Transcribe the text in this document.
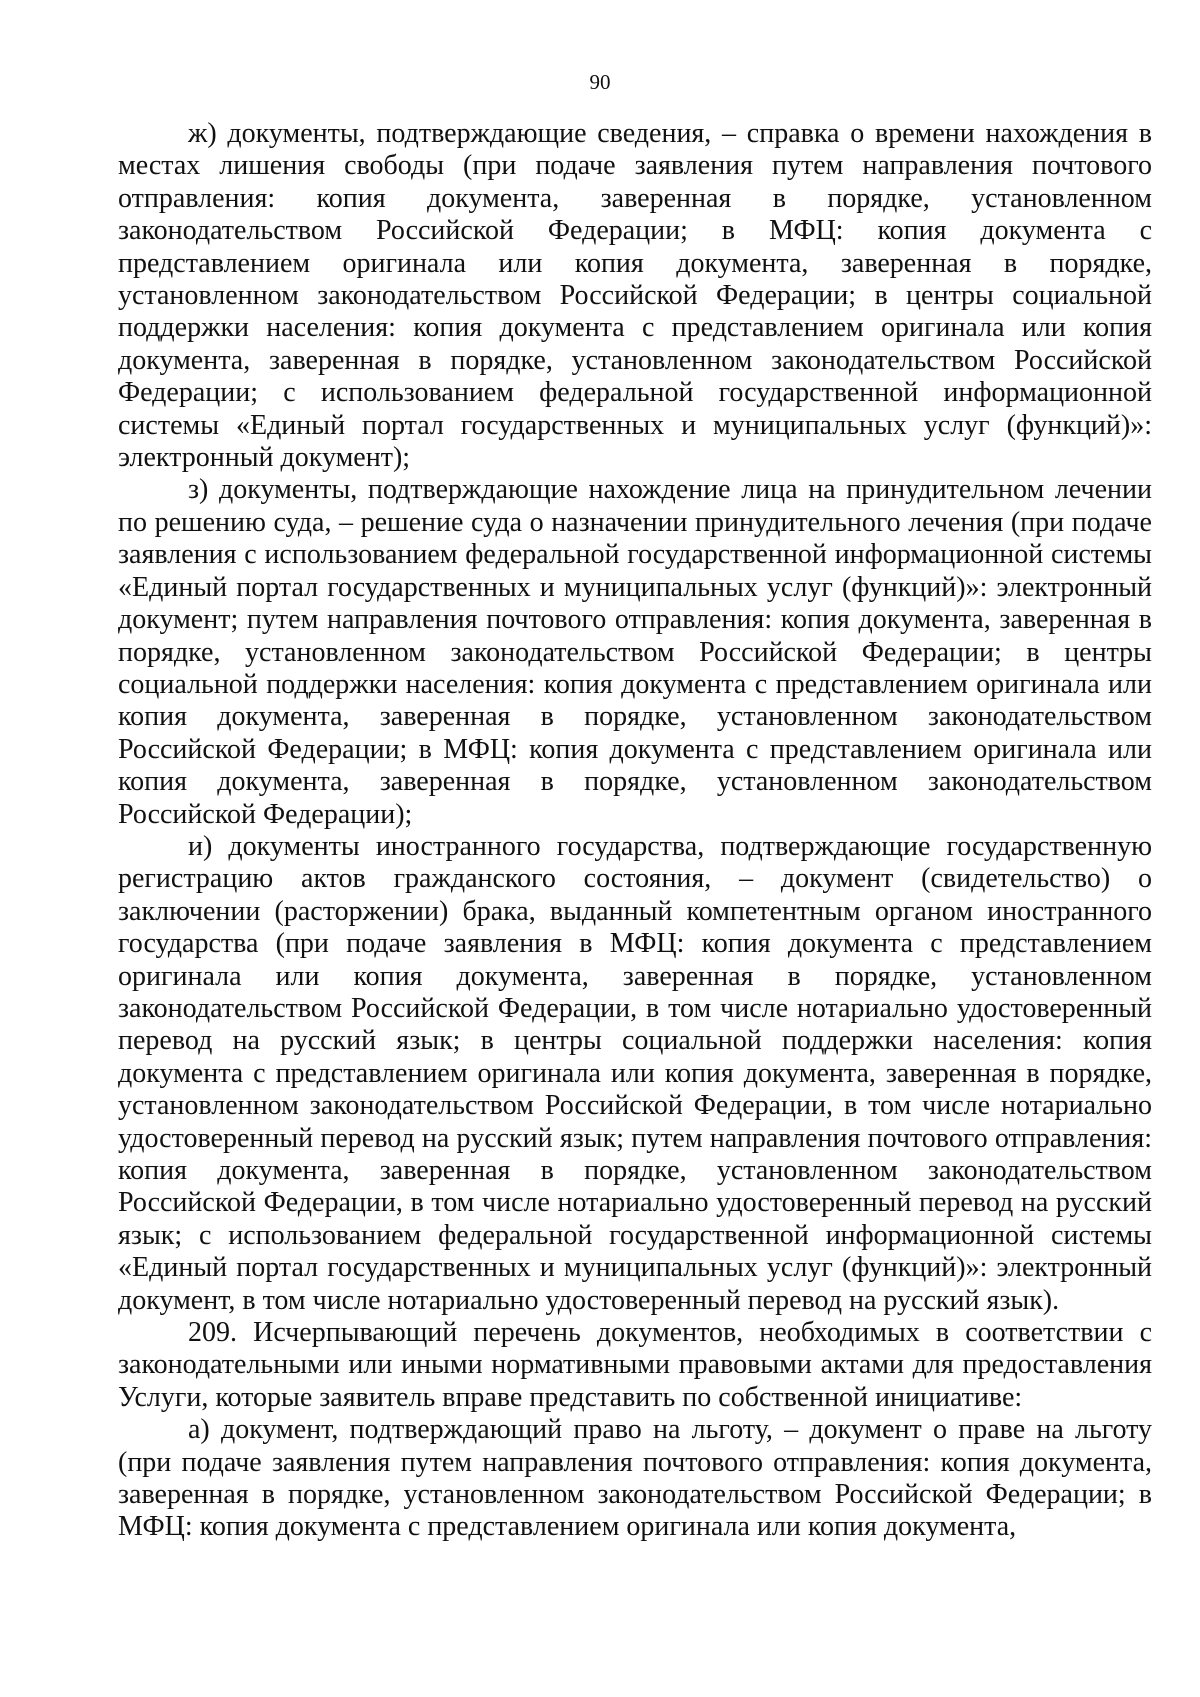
90

ж) документы, подтверждающие сведения, – справка о времени нахождения в местах лишения свободы (при подаче заявления путем направления почтового отправления: копия документа, заверенная в порядке, установленном законодательством Российской Федерации; в МФЦ: копия документа с представлением оригинала или копия документа, заверенная в порядке, установленном законодательством Российской Федерации; в центры социальной поддержки населения: копия документа с представлением оригинала или копия документа, заверенная в порядке, установленном законодательством Российской Федерации; с использованием федеральной государственной информационной системы «Единый портал государственных и муниципальных услуг (функций)»: электронный документ);

з) документы, подтверждающие нахождение лица на принудительном лечении по решению суда, – решение суда о назначении принудительного лечения (при подаче заявления с использованием федеральной государственной информационной системы «Единый портал государственных и муниципальных услуг (функций)»: электронный документ; путем направления почтового отправления: копия документа, заверенная в порядке, установленном законодательством Российской Федерации; в центры социальной поддержки населения: копия документа с представлением оригинала или копия документа, заверенная в порядке, установленном законодательством Российской Федерации; в МФЦ: копия документа с представлением оригинала или копия документа, заверенная в порядке, установленном законодательством Российской Федерации);

и) документы иностранного государства, подтверждающие государственную регистрацию актов гражданского состояния, – документ (свидетельство) о заключении (расторжении) брака, выданный компетентным органом иностранного государства (при подаче заявления в МФЦ: копия документа с представлением оригинала или копия документа, заверенная в порядке, установленном законодательством Российской Федерации, в том числе нотариально удостоверенный перевод на русский язык; в центры социальной поддержки населения: копия документа с представлением оригинала или копия документа, заверенная в порядке, установленном законодательством Российской Федерации, в том числе нотариально удостоверенный перевод на русский язык; путем направления почтового отправления: копия документа, заверенная в порядке, установленном законодательством Российской Федерации, в том числе нотариально удостоверенный перевод на русский язык; с использованием федеральной государственной информационной системы «Единый портал государственных и муниципальных услуг (функций)»: электронный документ, в том числе нотариально удостоверенный перевод на русский язык).

209. Исчерпывающий перечень документов, необходимых в соответствии с законодательными или иными нормативными правовыми актами для предоставления Услуги, которые заявитель вправе представить по собственной инициативе:

а) документ, подтверждающий право на льготу, – документ о праве на льготу (при подаче заявления путем направления почтового отправления: копия документа, заверенная в порядке, установленном законодательством Российской Федерации; в МФЦ: копия документа с представлением оригинала или копия документа,
